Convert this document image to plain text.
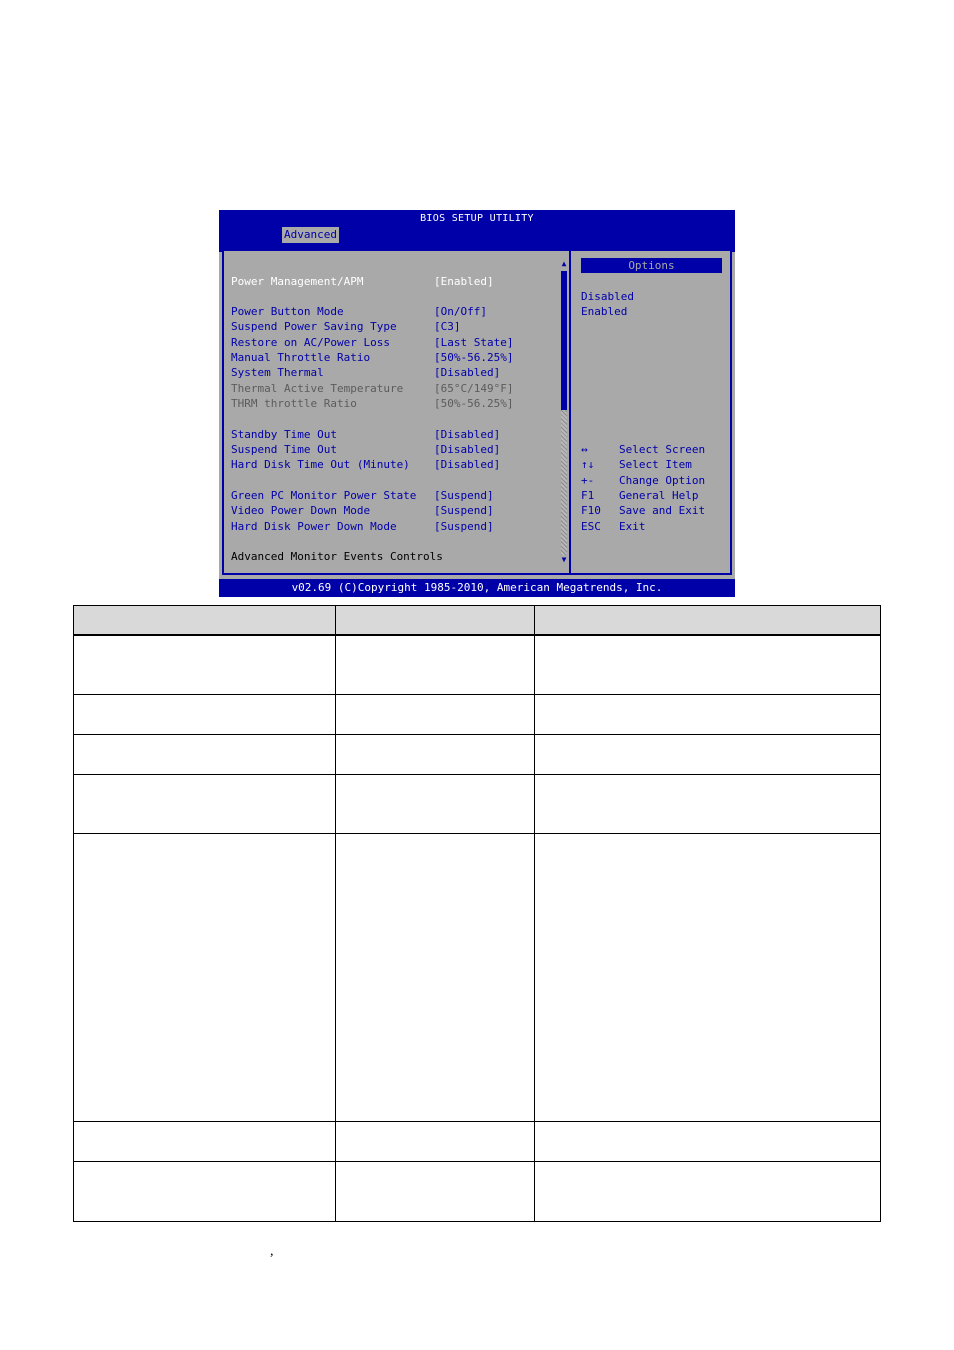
BIOS SETUP UTILITY
Advanced
Power Management/APM	[Enabled]
Power Button Mode	[On/Off]
Suspend Power Saving Type	[C3]
Restore on AC/Power Loss	[Last State]
Manual Throttle Ratio	[50%-56.25%]
System Thermal	[Disabled]
Thermal Active Temperature	[65°C/149°F]
THRM throttle Ratio	[50%-56.25%]
Standby Time Out	[Disabled]
Suspend Time Out	[Disabled]
Hard Disk Time Out (Minute) [Disabled]
Green PC Monitor Power State [Suspend]
Video Power Down Mode	[Suspend]
Hard Disk Power Down Mode	[Suspend]
Advanced Monitor Events Controls
▲
▼
Options
Disabled
Enabled
↔	Select Screen
↑↓ Select Item
+- Change Option
F1 General Help
F10 Save and Exit
ESC Exit
v02.69 (C)Copyright 1985-2010, American Megatrends, Inc.
,
